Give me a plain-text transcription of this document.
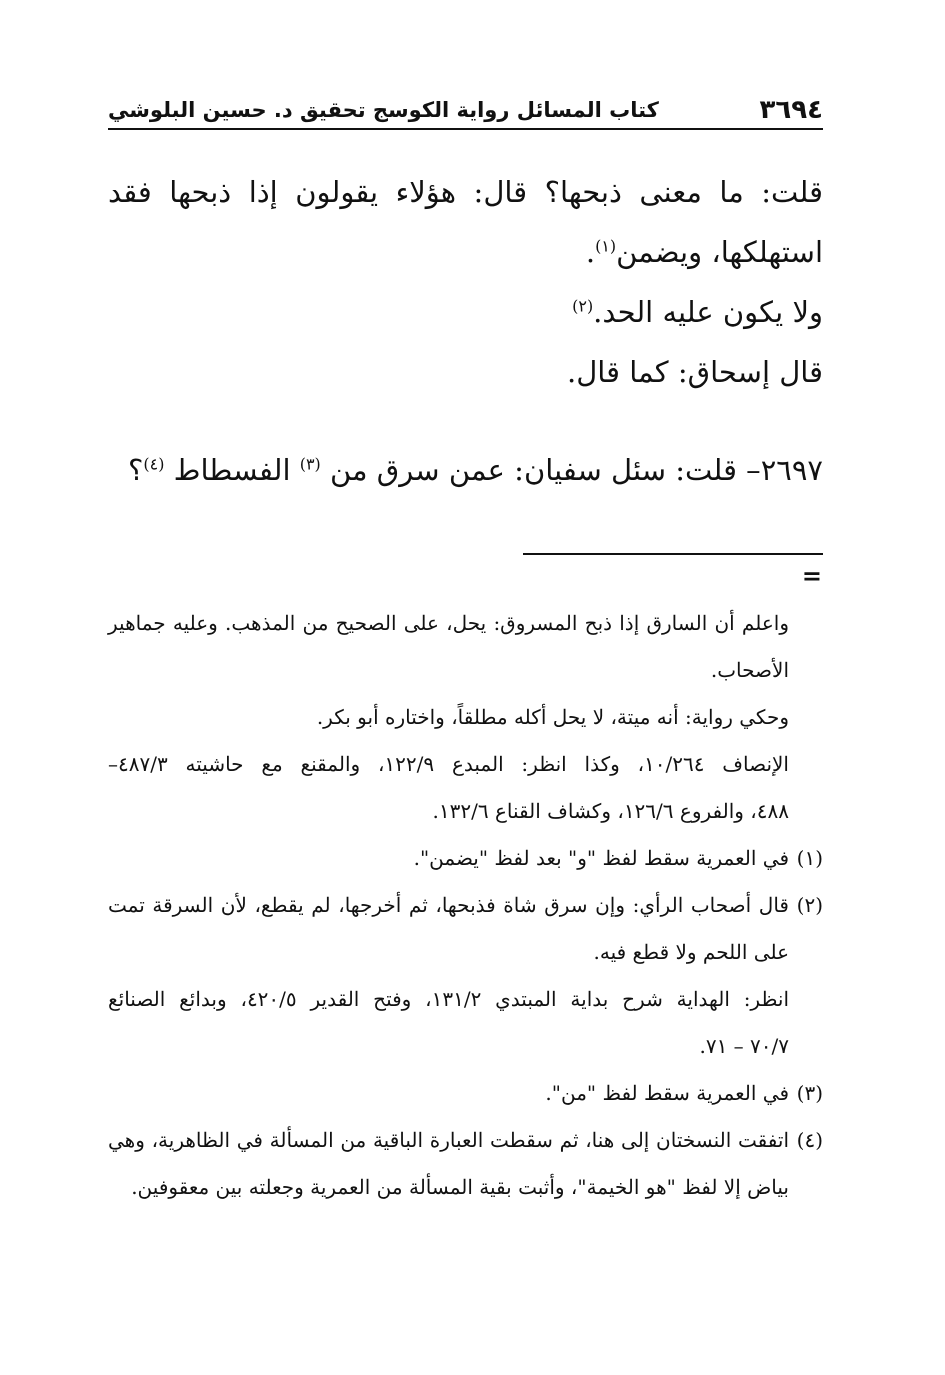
٣٦٩٤
كتاب المسائل رواية الكوسج تحقيق د. حسين البلوشي

قلت: ما معنى ذبحها؟ قال: هؤلاء يقولون إذا ذبحها فقد

استهلكها، ويضمن$^{(١)}$.

ولا يكون عليه الحد.$^{(٢)}$

قال إسحاق: كما قال.

٢٦٩٧– قلت: سئل سفيان: عمن سرق من $^{(٣)}$ الفسطاط $^{(٤)}$؟

=

واعلم أن السارق إذا ذبح المسروق: يحل، على الصحيح من المذهب. وعليه جماهير الأصحاب.

وحكي رواية: أنه ميتة، لا يحل أكله مطلقاً، واختاره أبو بكر.

الإنصاف ١٠/٢٦٤، وكذا انظر: المبدع ١٢٢/٩، والمقنع مع حاشيته ٤٨٧/٣–

٤٨٨، والفروع ١٢٦/٦، وكشاف القناع ١٣٢/٦.

(١)
في العمرية سقط لفظ "و" بعد لفظ "يضمن".
(٢)
قال أصحاب الرأي: وإن سرق شاة فذبحها، ثم أخرجها، لم يقطع، لأن السرقة تمت على اللحم ولا قطع فيه.

انظر: الهداية شرح بداية المبتدي ١٣١/٢، وفتح القدير ٤٢٠/٥، وبدائع الصنائع

٧٠/٧ – ٧١.

(٣)
في العمرية سقط لفظ "من".
(٤)
اتفقت النسختان إلى هنا، ثم سقطت العبارة الباقية من المسألة في الظاهرية، وهي بياض إلا لفظ "هو الخيمة"، وأثبت بقية المسألة من العمرية وجعلته بين معقوفين.
